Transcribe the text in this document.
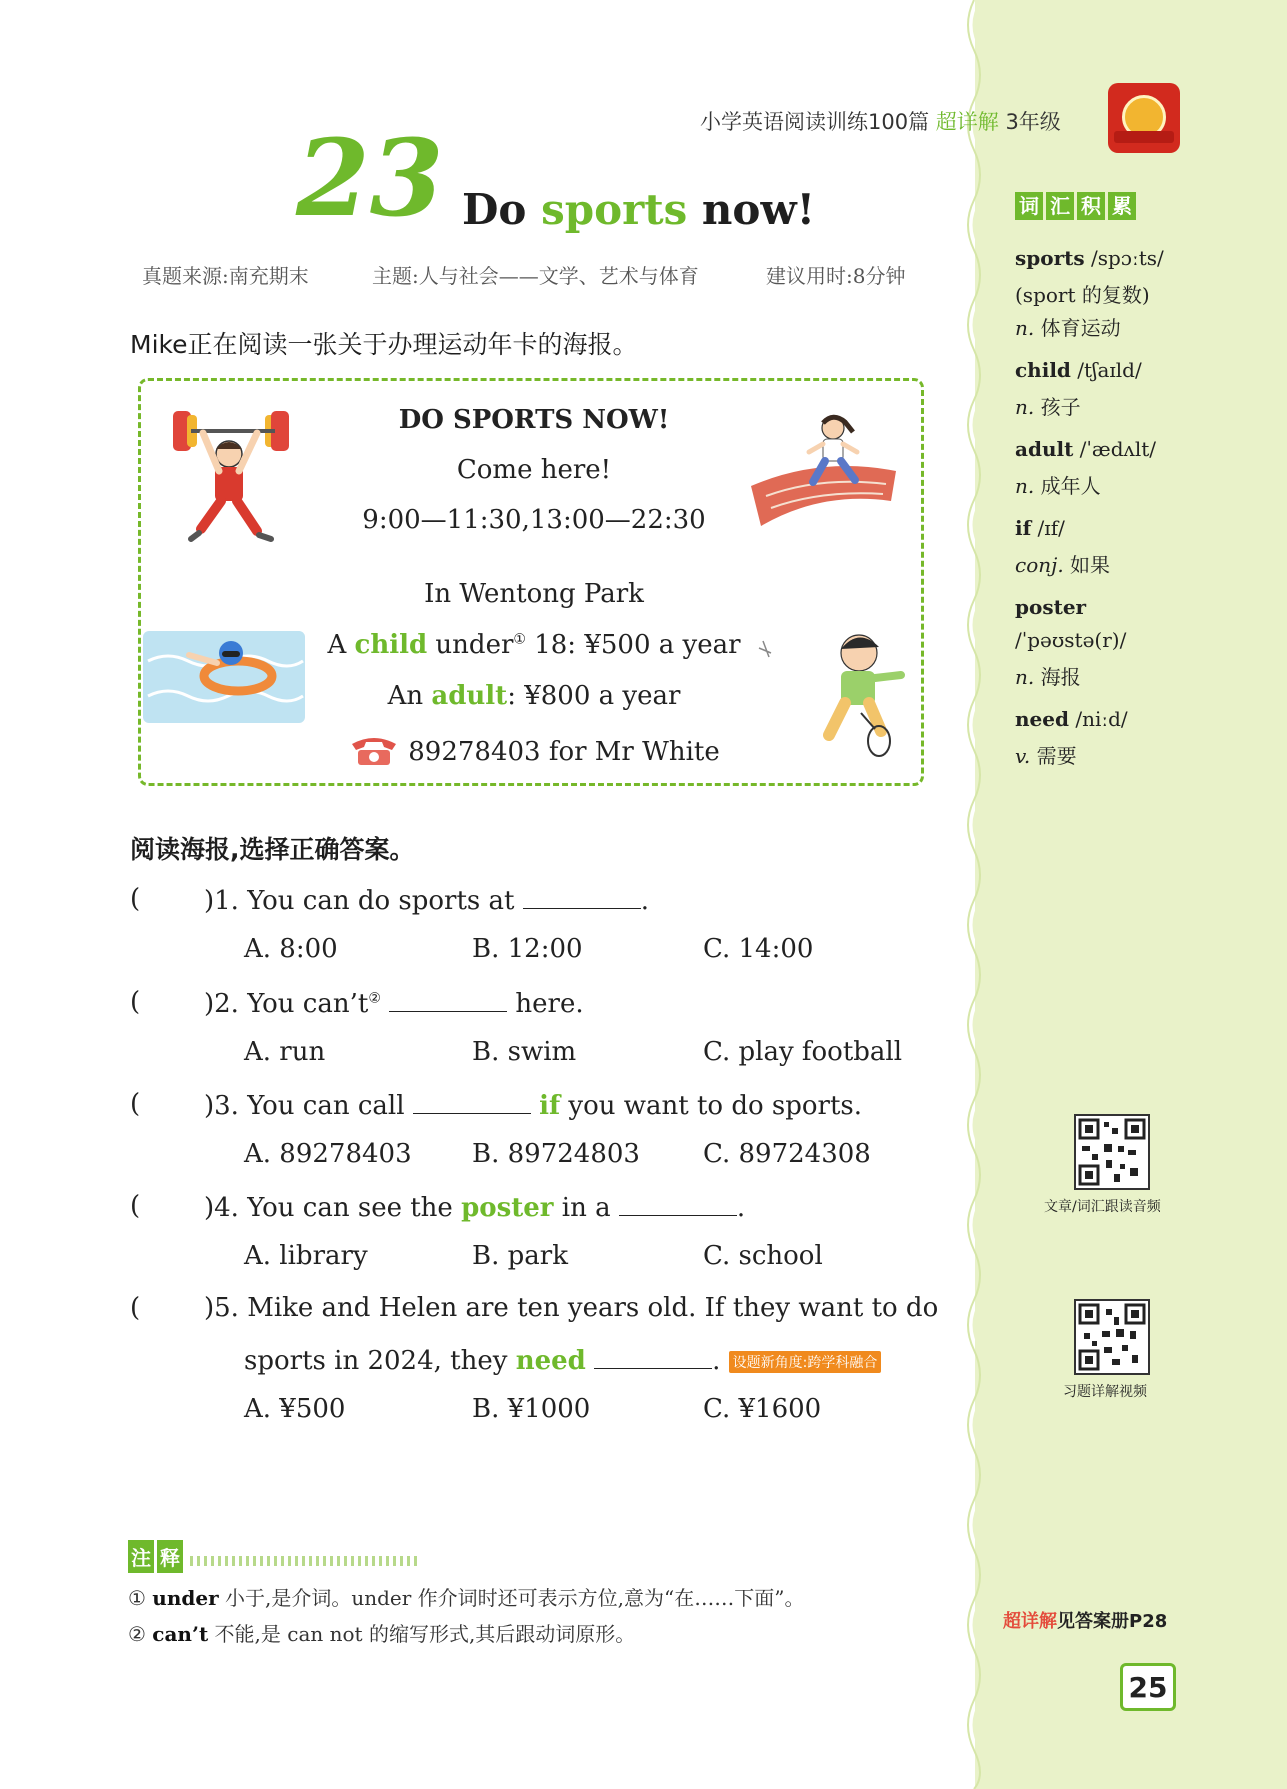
小学英语阅读训练100篇 超详解 3年级
23 Do sports now!
真题来源:南充期末	主题:人与社会——文学、艺术与体育	建议用时:8分钟
Mike正在阅读一张关于办理运动年卡的海报。
DO SPORTS NOW!
Come here!
9:00—11:30,13:00—22:30
In Wentong Park
A child under① 18: ¥500 a year
An adult: ¥800 a year
89278403 for Mr White
阅读海报,选择正确答案。
( )1. You can do sports at	.
A. 8:00	B. 12:00	C. 14:00
( )2. You can’t②	here.
A. run	B. swim	C. play football
( )3. You can call	if you want to do sports.
A. 89278403 B. 89724803 C. 89724308
( )4. You can see the poster in a	.
A. library	B. park	C. school
( )5. Mike and Helen are ten years old. If they want to do
sports in 2024, they need	. 设题新角度:跨学科融合
A. ¥500	B. ¥1000	C. ¥1600
注 释
① under 小于,是介词。under 作介词时还可表示方位,意为“在……下面”。
② can’t 不能,是 can not 的缩写形式,其后跟动词原形。
词 汇 积 累
sports /spɔːts/
(sport 的复数)
n. 体育运动
child /tʃaɪld/
n. 孩子
adult /ˈædʌlt/
n. 成年人
if /ɪf/
conj. 如果
poster
/ˈpəʊstə(r)/
n. 海报
need /niːd/
v. 需要
文章/词汇跟读音频
习题详解视频
超详解见答案册P28
25
